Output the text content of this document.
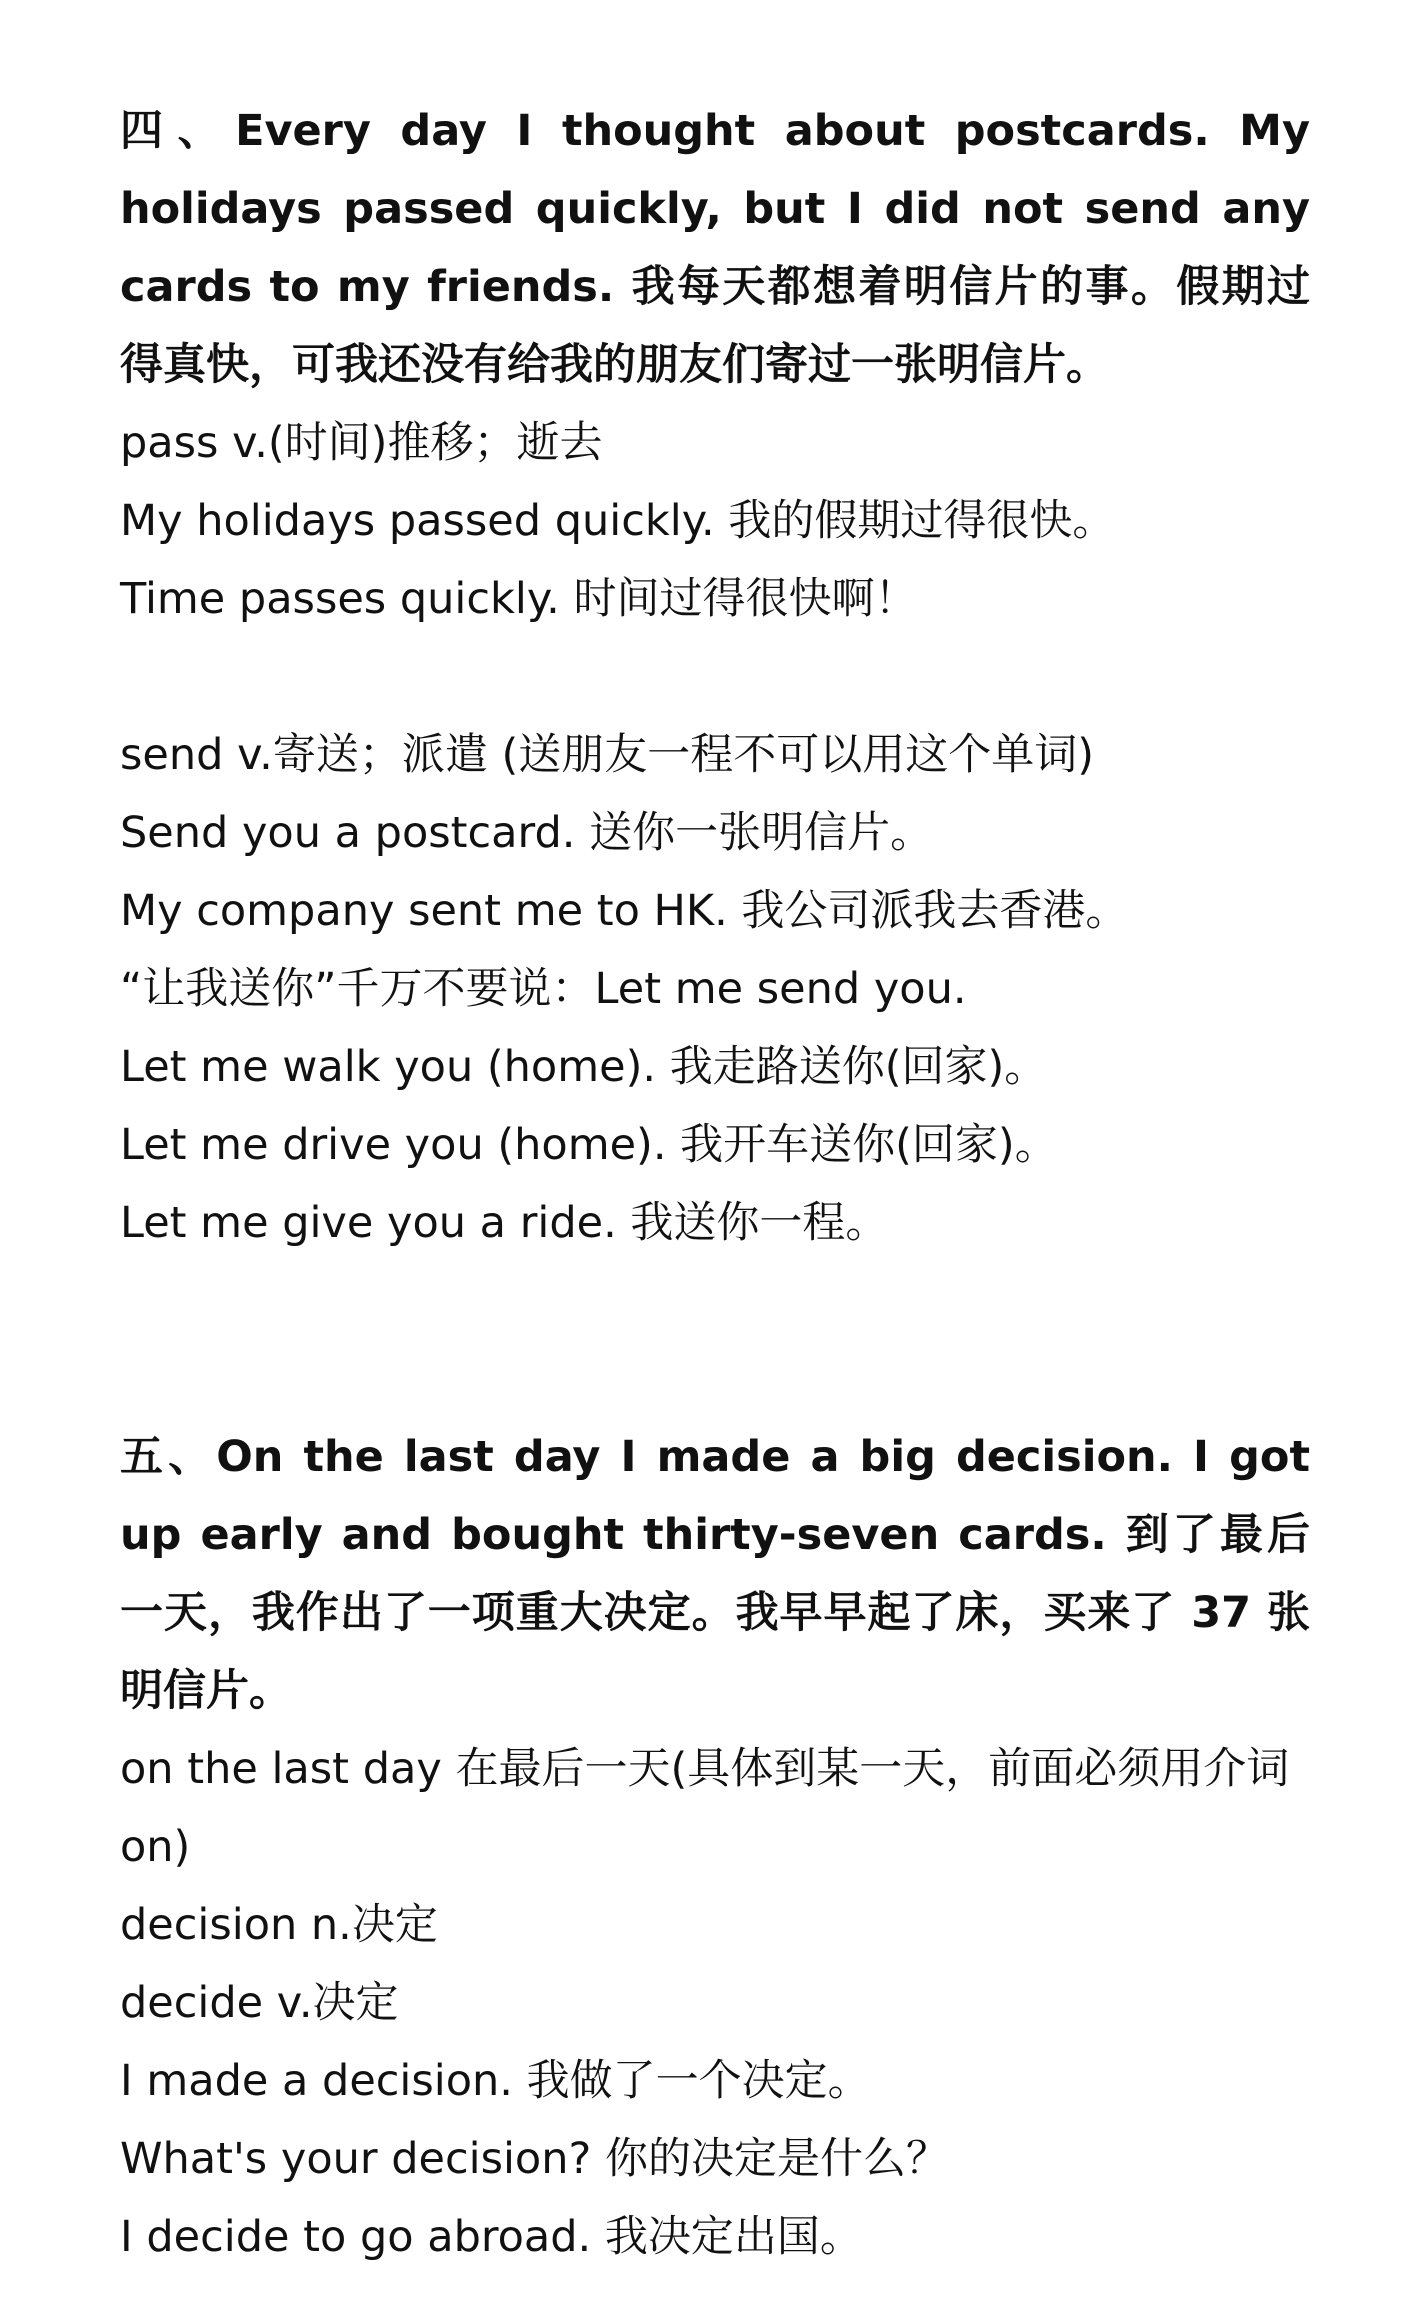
四、Every day I thought about postcards. My holidays passed quickly, but I did not send any cards to my friends. 我每天都想着明信片的事。假期过得真快，可我还没有给我的朋友们寄过一张明信片。

pass v.(时间)推移；逝去

My holidays passed quickly. 我的假期过得很快。

Time passes quickly. 时间过得很快啊！

send v.寄送；派遣 (送朋友一程不可以用这个单词)

Send you a postcard. 送你一张明信片。

My company sent me to HK. 我公司派我去香港。

“让我送你”千万不要说：Let me send you.

Let me walk you (home). 我走路送你(回家)。

Let me drive you (home). 我开车送你(回家)。

Let me give you a ride. 我送你一程。

五、On the last day I made a big decision. I got up early and bought thirty-seven cards. 到了最后一天，我作出了一项重大决定。我早早起了床，买来了 37 张明信片。

on the last day 在最后一天(具体到某一天，前面必须用介词on)

decision n.决定

decide v.决定

I made a decision. 我做了一个决定。

What's your decision? 你的决定是什么？

I decide to go abroad. 我决定出国。
